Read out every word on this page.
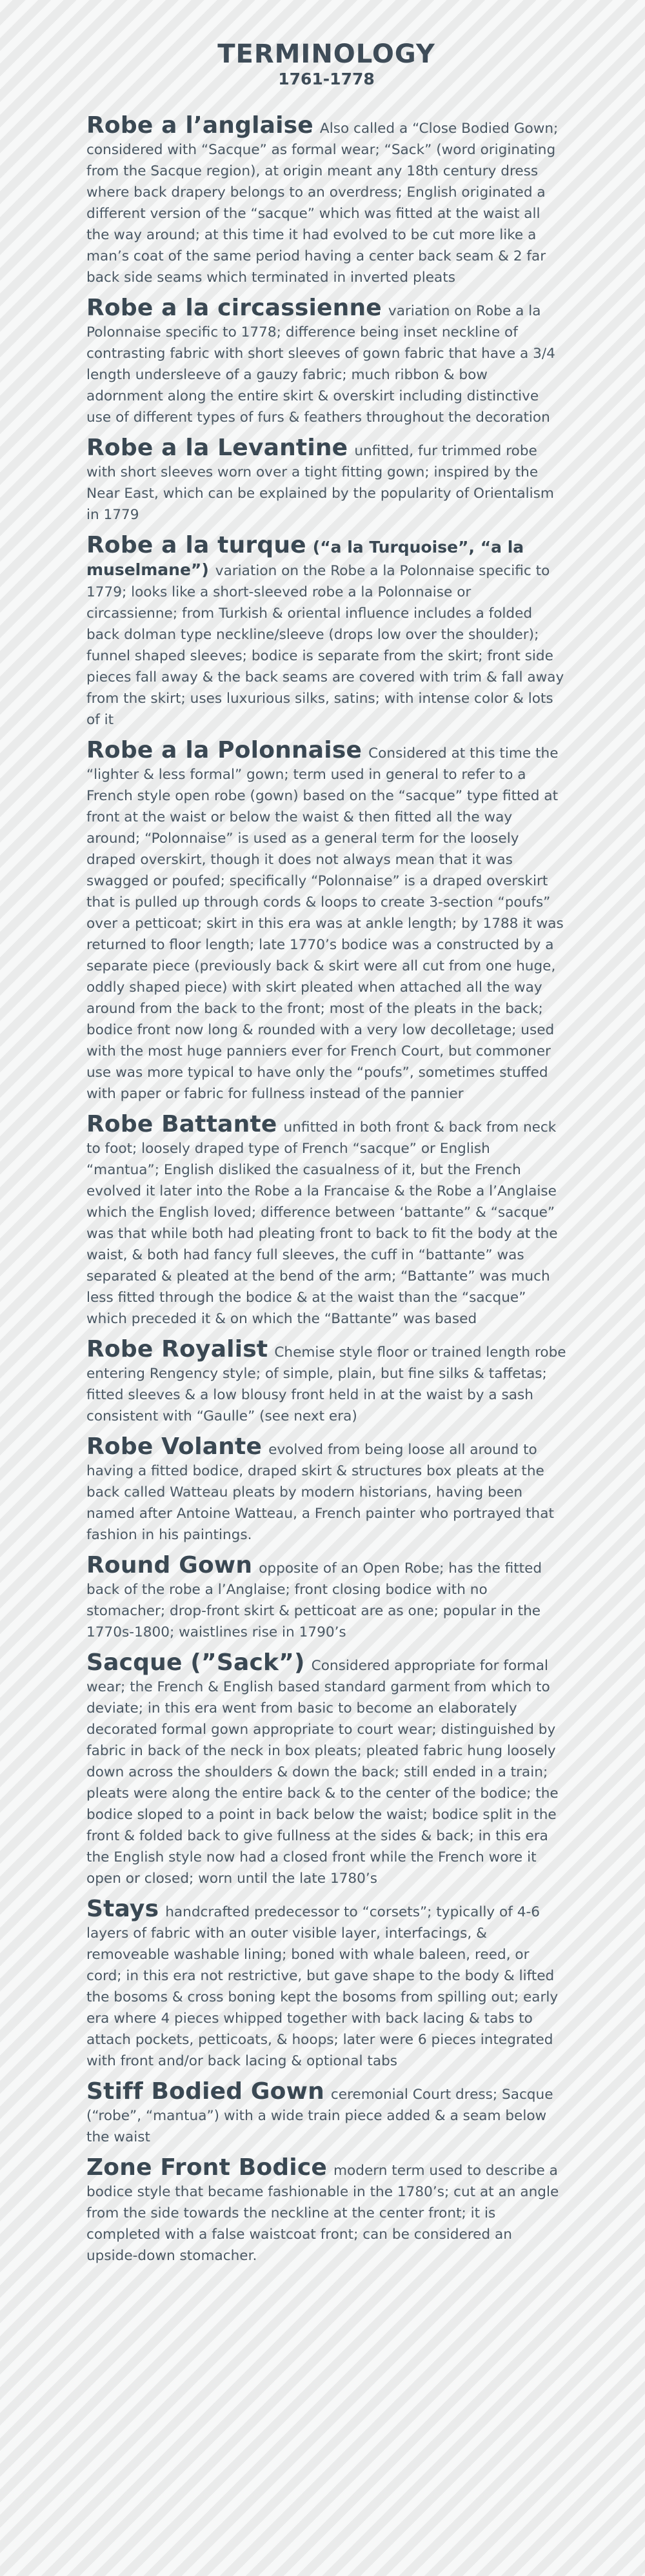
TERMINOLOGY
1761-1778

Robe a l’anglaise Also called a “Close Bodied Gown; considered with “Sacque” as formal wear; “Sack” (word originating from the Sacque region), at origin meant any 18th century dress where back drapery belongs to an overdress; English originated a different version of the “sacque” which was fitted at the waist all the way around; at this time it had evolved to be cut more like a man’s coat of the same period having a center back seam & 2 far back side seams which terminated in inverted pleats

Robe a la circassienne variation on Robe a la Polonnaise specific to 1778; difference being inset neckline of contrasting fabric with short sleeves of gown fabric that have a 3/4 length undersleeve of a gauzy fabric; much ribbon & bow adornment along the entire skirt & overskirt including distinctive use of different types of furs & feathers throughout the decoration

Robe a la Levantine unfitted, fur trimmed robe with short sleeves worn over a tight fitting gown; inspired by the Near East, which can be explained by the popularity of Orientalism in 1779

Robe a la turque (“a la Turquoise”, “a la muselmane”) variation on the Robe a la Polonnaise specific to 1779; looks like a short-sleeved robe a la Polonnaise or circassienne; from Turkish & oriental influence includes a folded back dolman type neckline/sleeve (drops low over the shoulder); funnel shaped sleeves; bodice is separate from the skirt; front side pieces fall away & the back seams are covered with trim & fall away from the skirt; uses luxurious silks, satins; with intense color & lots of it

Robe a la Polonnaise Considered at this time the “lighter & less formal” gown; term used in general to refer to a French style open robe (gown) based on the “sacque” type fitted at front at the waist or below the waist & then fitted all the way around; “Polonnaise” is used as a general term for the loosely draped overskirt, though it does not always mean that it was swagged or poufed; specifically “Polonnaise” is a draped overskirt that is pulled up through cords & loops to create 3-section “poufs” over a petticoat; skirt in this era was at ankle length; by 1788 it was returned to floor length; late 1770’s bodice was a constructed by a separate piece (previously back & skirt were all cut from one huge, oddly shaped piece) with skirt pleated when attached all the way around from the back to the front; most of the pleats in the back; bodice front now long & rounded with a very low decolletage; used with the most huge panniers ever for French Court, but commoner use was more typical to have only the “poufs”, sometimes stuffed with paper or fabric for fullness instead of the pannier

Robe Battante unfitted in both front & back from neck to foot; loosely draped type of French “sacque” or English “mantua”; English disliked the casualness of it, but the French evolved it later into the Robe a la Francaise & the Robe a l’Anglaise which the English loved; difference between ‘battante” & “sacque” was that while both had pleating front to back to fit the body at the waist, & both had fancy full sleeves, the cuff in “battante” was separated & pleated at the bend of the arm; “Battante” was much less fitted through the bodice & at the waist than the “sacque” which preceded it & on which the “Battante” was based

Robe Royalist Chemise style floor or trained length robe entering Rengency style; of simple, plain, but fine silks & taffetas; fitted sleeves & a low blousy front held in at the waist by a sash consistent with “Gaulle” (see next era)

Robe Volante evolved from being loose all around to having a fitted bodice, draped skirt & structures box pleats at the back called Watteau pleats by modern historians, having been named after Antoine Watteau, a French painter who portrayed that fashion in his paintings.

Round Gown opposite of an Open Robe; has the fitted back of the robe a l’Anglaise; front closing bodice with no stomacher; drop-front skirt & petticoat are as one; popular in the 1770s-1800; waistlines rise in 1790’s

Sacque (”Sack”) Considered appropriate for formal wear; the French & English based standard garment from which to deviate; in this era went from basic to become an elaborately decorated formal gown appropriate to court wear; distinguished by fabric in back of the neck in box pleats; pleated fabric hung loosely down across the shoulders & down the back; still ended in a train; pleats were along the entire back & to the center of the bodice; the bodice sloped to a point in back below the waist; bodice split in the front & folded back to give fullness at the sides & back; in this era the English style now had a closed front while the French wore it open or closed; worn until the late 1780’s

Stays handcrafted predecessor to “corsets”; typically of 4-6 layers of fabric with an outer visible layer, interfacings, & removeable washable lining; boned with whale baleen, reed, or cord; in this era not restrictive, but gave shape to the body & lifted the bosoms & cross boning kept the bosoms from spilling out; early era where 4 pieces whipped together with back lacing & tabs to attach pockets, petticoats, & hoops; later were 6 pieces integrated with front and/or back lacing & optional tabs

Stiff Bodied Gown ceremonial Court dress; Sacque (“robe”, “mantua”) with a wide train piece added & a seam below the waist

Zone Front Bodice modern term used to describe a bodice style that became fashionable in the 1780’s; cut at an angle from the side towards the neckline at the center front; it is completed with a false waistcoat front; can be considered an upside-down stomacher.
